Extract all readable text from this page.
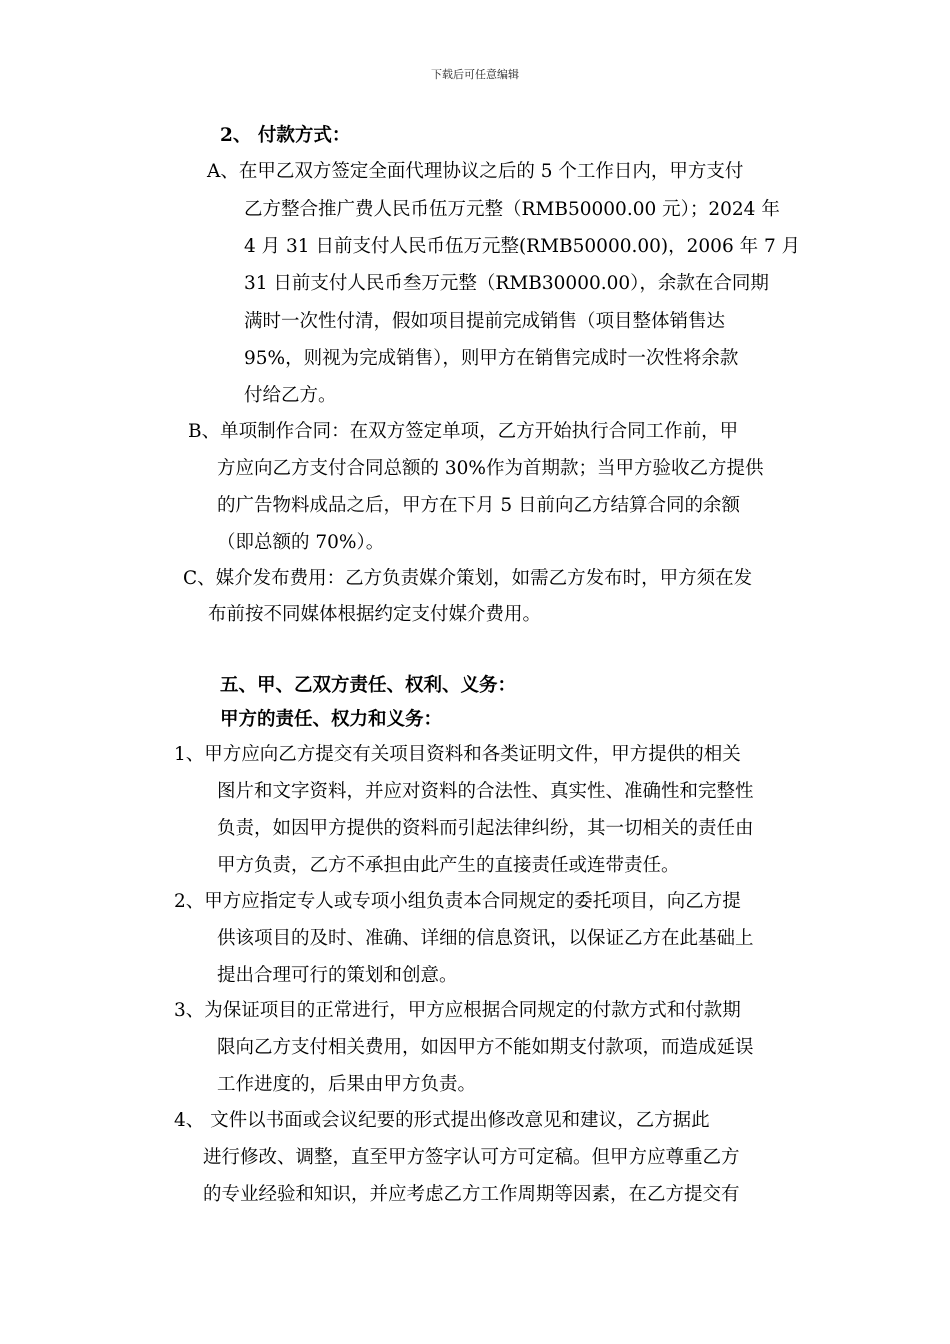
下载后可任意编辑
2、 付款方式：
A、在甲乙双方签定全面代理协议之后的 5 个工作日内，甲方支付
乙方整合推广费人民币伍万元整（RMB50000.00 元）；2024 年
4 月 31 日前支付人民币伍万元整(RMB50000.00)，2006 年 7 月
31 日前支付人民币叁万元整（RMB30000.00），余款在合同期
满时一次性付清，假如项目提前完成销售（项目整体销售达
95%，则视为完成销售），则甲方在销售完成时一次性将余款
付给乙方。
B、单项制作合同：在双方签定单项，乙方开始执行合同工作前，甲
方应向乙方支付合同总额的 30%作为首期款；当甲方验收乙方提供
的广告物料成品之后，甲方在下月 5 日前向乙方结算合同的余额
（即总额的 70%）。
C、媒介发布费用：乙方负责媒介策划，如需乙方发布时，甲方须在发
布前按不同媒体根据约定支付媒介费用。
五、甲、乙双方责任、权利、义务：
甲方的责任、权力和义务：
1、甲方应向乙方提交有关项目资料和各类证明文件，甲方提供的相关
图片和文字资料，并应对资料的合法性、真实性、准确性和完整性
负责，如因甲方提供的资料而引起法律纠纷，其一切相关的责任由
甲方负责，乙方不承担由此产生的直接责任或连带责任。
2、甲方应指定专人或专项小组负责本合同规定的委托项目，向乙方提
供该项目的及时、准确、详细的信息资讯，以保证乙方在此基础上
提出合理可行的策划和创意。
3、为保证项目的正常进行，甲方应根据合同规定的付款方式和付款期
限向乙方支付相关费用，如因甲方不能如期支付款项，而造成延误
工作进度的，后果由甲方负责。
4、 文件以书面或会议纪要的形式提出修改意见和建议，乙方据此
进行修改、调整，直至甲方签字认可方可定稿。但甲方应尊重乙方
的专业经验和知识，并应考虑乙方工作周期等因素，在乙方提交有
